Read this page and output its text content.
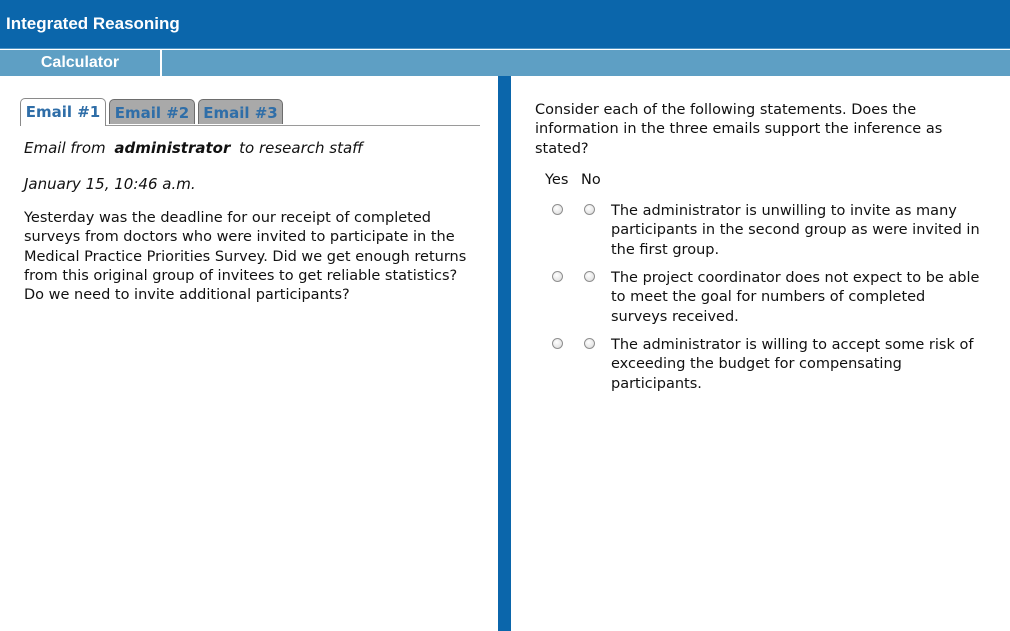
Integrated Reasoning
Calculator
Email #1 Email #2 Email #3
Email from administrator to research staff
January 15, 10:46 a.m.
Yesterday was the deadline for our receipt of completed surveys from doctors who were invited to participate in the Medical Practice Priorities Survey. Did we get enough returns from this original group of invitees to get reliable statistics? Do we need to invite additional participants?
Consider each of the following statements. Does the information in the three emails support the inference as stated?
Yes No
The administrator is unwilling to invite as many participants in the second group as were invited in the first group.
The project coordinator does not expect to be able to meet the goal for numbers of completed surveys received.
The administrator is willing to accept some risk of exceeding the budget for compensating participants.
